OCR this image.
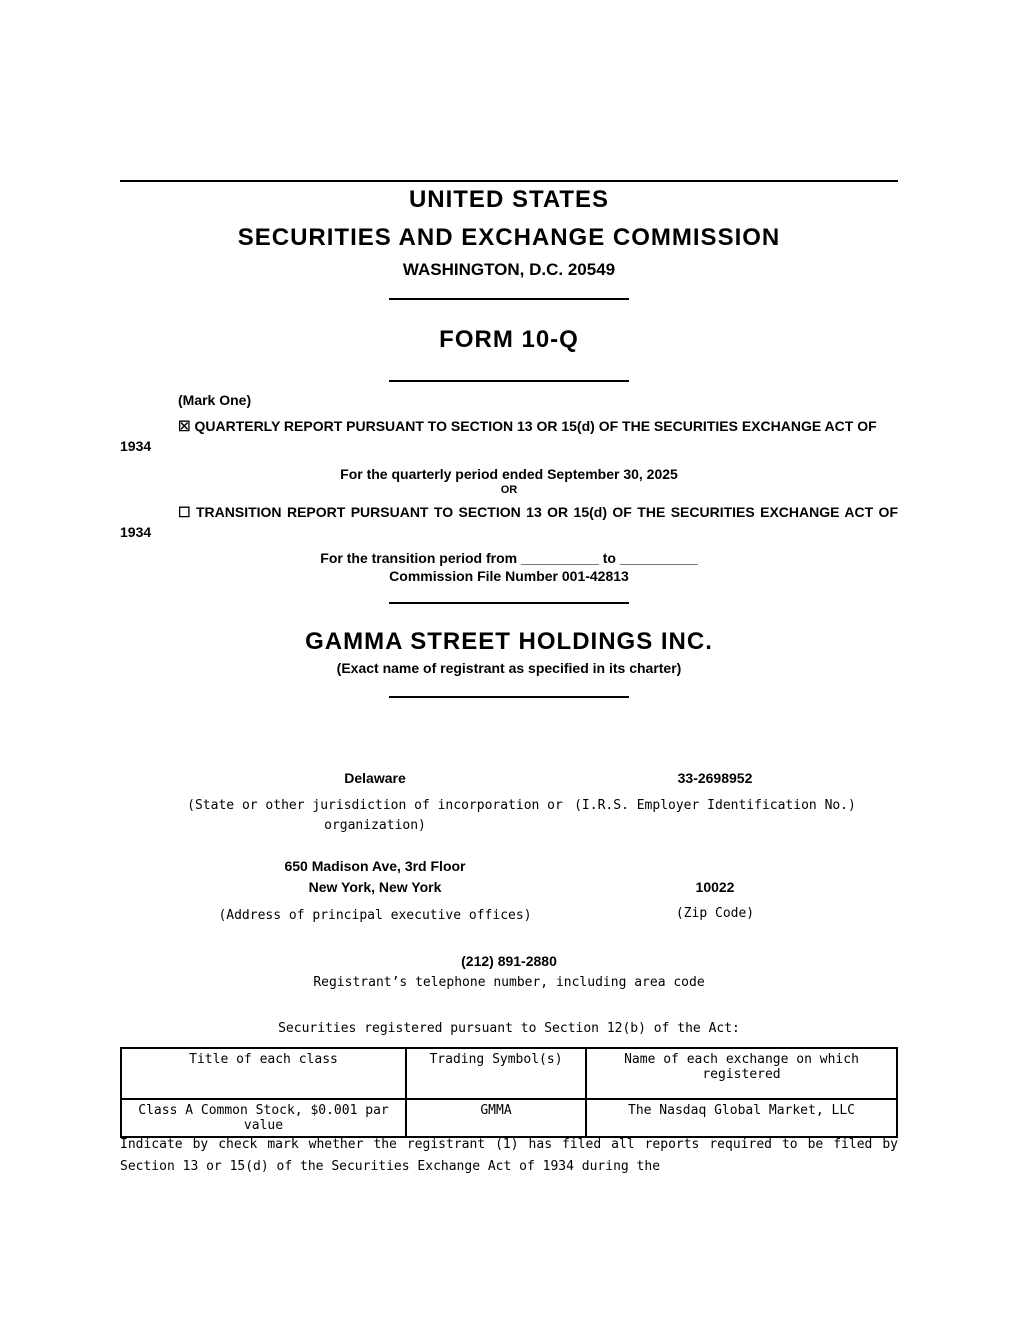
UNITED STATES
SECURITIES AND EXCHANGE COMMISSION
WASHINGTON, D.C. 20549
FORM 10-Q
(Mark One)
☒ QUARTERLY REPORT PURSUANT TO SECTION 13 OR 15(d) OF THE SECURITIES EXCHANGE ACT OF 1934
For the quarterly period ended September 30, 2025
OR
☐ TRANSITION REPORT PURSUANT TO SECTION 13 OR 15(d) OF THE SECURITIES EXCHANGE ACT OF 1934
For the transition period from __________ to __________
Commission File Number 001-42813
GAMMA STREET HOLDINGS INC.
(Exact name of registrant as specified in its charter)
Delaware
(State or other jurisdiction of incorporation or organization)
33-2698952
(I.R.S. Employer Identification No.)
650 Madison Ave, 3rd Floor
New York, New York
(Address of principal executive offices)
10022
(Zip Code)
(212) 891-2880
Registrant’s telephone number, including area code
Securities registered pursuant to Section 12(b) of the Act:
Title of each class	Trading Symbol(s)	Name of each exchange on which registered
Class A Common Stock, $0.001 par value	GMMA	The Nasdaq Global Market, LLC
Indicate by check mark whether the registrant (1) has filed all reports required to be filed by Section 13 or 15(d) of the Securities Exchange Act of 1934 during the
